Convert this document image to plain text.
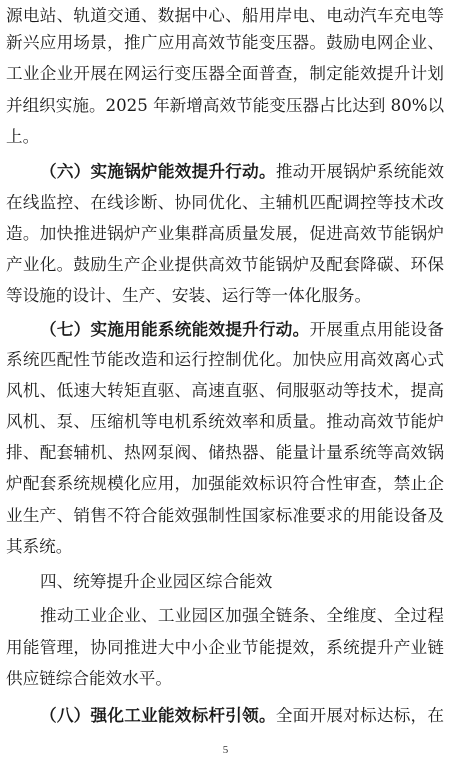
5
源电站、轨道交通、数据中心、船用岸电、电动汽车充电等
新兴应用场景，推广应用高效节能变压器。鼓励电网企业、
工业企业开展在网运行变压器全面普查，制定能效提升计划
并组织实施。2025 年新增高效节能变压器占比达到 80%以
上。
（六）实施锅炉能效提升行动。推动开展锅炉系统能效
在线监控、在线诊断、协同优化、主辅机匹配调控等技术改
造。加快推进锅炉产业集群高质量发展，促进高效节能锅炉
产业化。鼓励生产企业提供高效节能锅炉及配套降碳、环保
等设施的设计、生产、安装、运行等一体化服务。
（七）实施用能系统能效提升行动。开展重点用能设备
系统匹配性节能改造和运行控制优化。加快应用高效离心式
风机、低速大转矩直驱、高速直驱、伺服驱动等技术，提高
风机、泵、压缩机等电机系统效率和质量。推动高效节能炉
排、配套辅机、热网泵阀、储热器、能量计量系统等高效锅
炉配套系统规模化应用，加强能效标识符合性审查，禁止企
业生产、销售不符合能效强制性国家标准要求的用能设备及
其系统。
四、统筹提升企业园区综合能效
推动工业企业、工业园区加强全链条、全维度、全过程
用能管理，协同推进大中小企业节能提效，系统提升产业链
供应链综合能效水平。
（八）强化工业能效标杆引领。全面开展对标达标，在
